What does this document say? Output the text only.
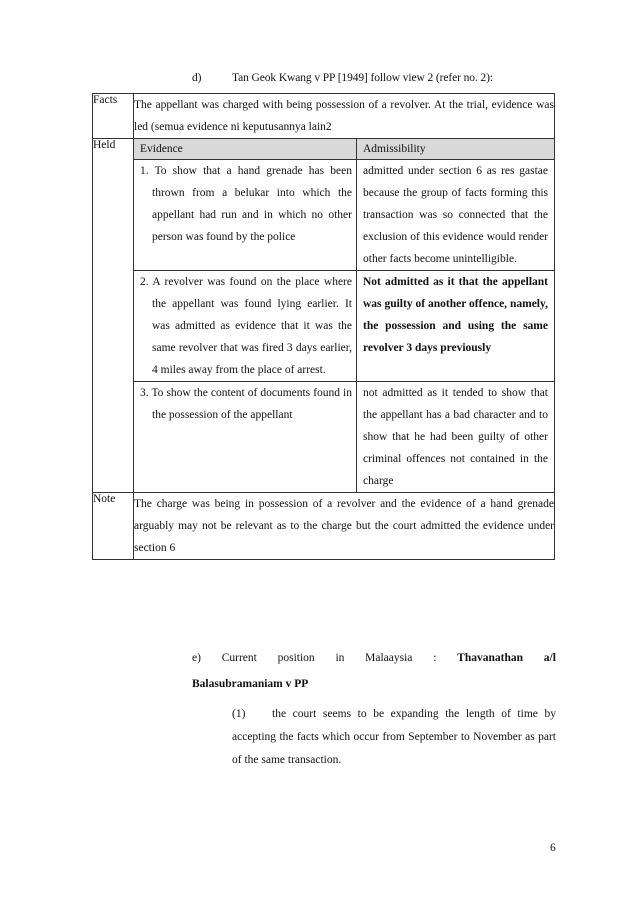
d)	Tan Geok Kwang v PP [1949] follow view 2 (refer no. 2):
Facts	The appellant was charged with being possession of a revolver. At the trial, evidence was led (semua evidence ni keputusannya lain2
Held	Evidence	Admissibility

1. To show that a hand grenade has been thrown from a belukar into which the appellant had run and in which no other person was found by the police
	admitted under section 6 as res gastae because the group of facts forming this transaction was so connected that the exclusion of this evidence would render other facts become unintelligible.

2. A revolver was found on the place where the appellant was found lying earlier. It was admitted as evidence that it was the same revolver that was fired 3 days earlier, 4 miles away from the place of arrest.
	Not admitted as it that the appellant was guilty of another offence, namely, the possession and using the same revolver 3 days previously

3. To show the content of documents found in the possession of the appellant
	not admitted as it tended to show that the appellant has a bad character and to show that he had been guilty of other criminal offences not contained in the charge

Note	The charge was being in possession of a revolver and the evidence of a hand grenade arguably may not be relevant as to the charge but the court admitted the evidence under section 6
e) Current position in Malaaysia : Thavanathan a/l
Balasubramaniam v PP
(1) the court seems to be expanding the length of time by accepting the facts which occur from September to November as part of the same transaction.
6
